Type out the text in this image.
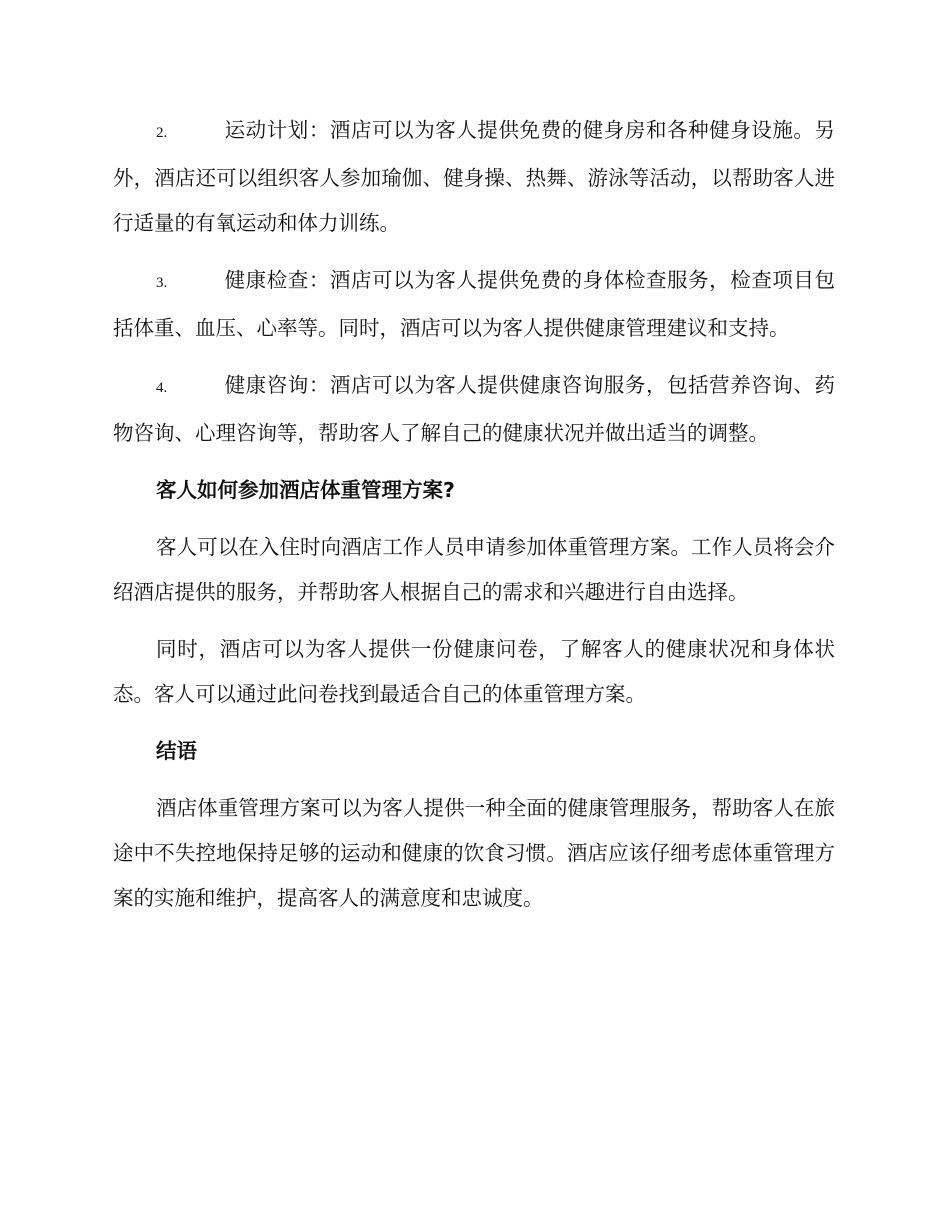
2.	运动计划：酒店可以为客人提供免费的健身房和各种健身设施。另外，酒店还可以组织客人参加瑜伽、健身操、热舞、游泳等活动，以帮助客人进行适量的有氧运动和体力训练。

3.	健康检查：酒店可以为客人提供免费的身体检查服务，检查项目包括体重、血压、心率等。同时，酒店可以为客人提供健康管理建议和支持。

4.	健康咨询：酒店可以为客人提供健康咨询服务，包括营养咨询、药物咨询、心理咨询等，帮助客人了解自己的健康状况并做出适当的调整。

客人如何参加酒店体重管理方案?

客人可以在入住时向酒店工作人员申请参加体重管理方案。工作人员将会介绍酒店提供的服务，并帮助客人根据自己的需求和兴趣进行自由选择。

同时，酒店可以为客人提供一份健康问卷，了解客人的健康状况和身体状态。客人可以通过此问卷找到最适合自己的体重管理方案。

结语

酒店体重管理方案可以为客人提供一种全面的健康管理服务，帮助客人在旅途中不失控地保持足够的运动和健康的饮食习惯。酒店应该仔细考虑体重管理方案的实施和维护，提高客人的满意度和忠诚度。
